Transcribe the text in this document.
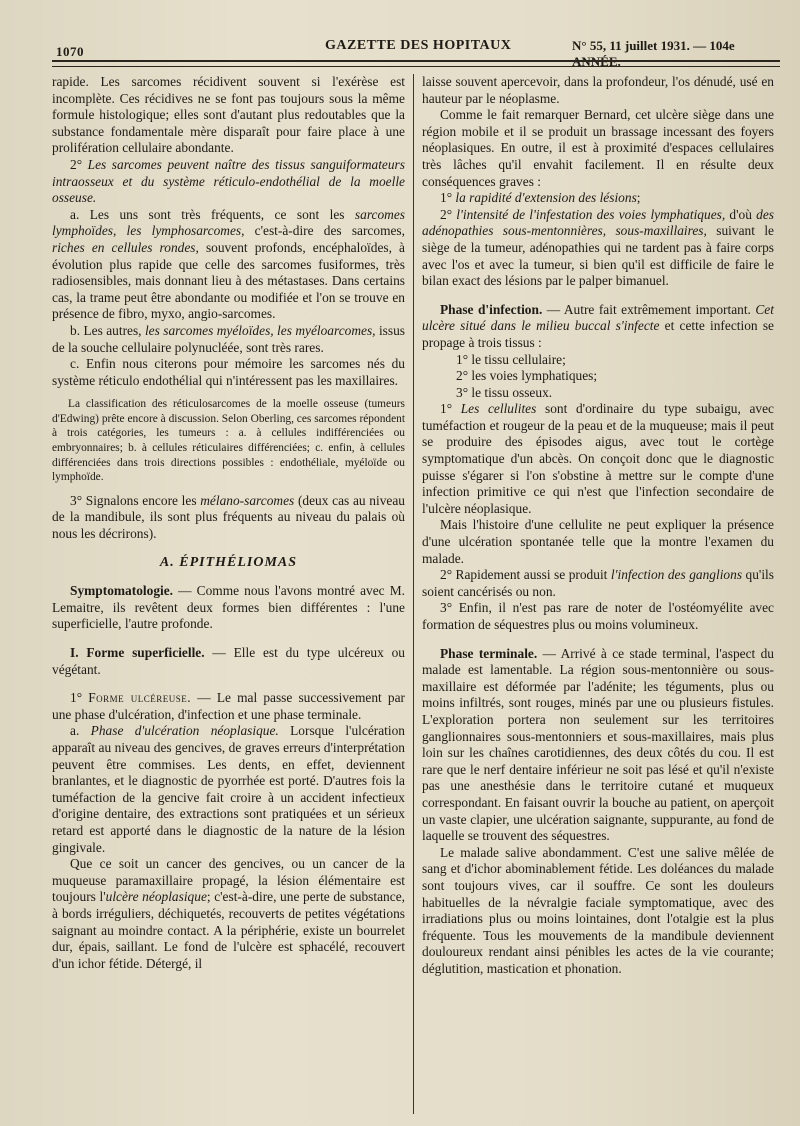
1070	GAZETTE DES HOPITAUX	N° 55, 11 juillet 1931. — 104e ANNÉE.

rapide. Les sarcomes récidivent souvent si l'exérèse est incomplète. Ces récidives ne se font pas toujours sous la même formule histologique; elles sont d'autant plus redoutables que la substance fondamentale mère disparaît pour faire place à une prolifération cellulaire abondante.

2° Les sarcomes peuvent naître des tissus sanguiformateurs intraosseux et du système réticulo-endothélial de la moelle osseuse.

a. Les uns sont très fréquents, ce sont les sarcomes lymphoïdes, les lymphosarcomes, c'est-à-dire des sarcomes, riches en cellules rondes, souvent profonds, encéphaloïdes, à évolution plus rapide que celle des sarcomes fusiformes, très radiosensibles, mais donnant lieu à des métastases. Dans certains cas, la trame peut être abondante ou modifiée et l'on se trouve en présence de fibro, myxo, angio-sarcomes.

b. Les autres, les sarcomes myéloïdes, les myéloarcomes, issus de la souche cellulaire polynucléée, sont très rares.

c. Enfin nous citerons pour mémoire les sarcomes nés du système réticulo endothélial qui n'intéressent pas les maxillaires.

La classification des réticulosarcomes de la moelle osseuse (tumeurs d'Edwing) prête encore à discussion. Selon Oberling, ces sarcomes répondent à trois catégories, les tumeurs : a. à cellules indifférenciées ou embryonnaires; b. à cellules réticulaires différenciées; c. enfin, à cellules différenciées dans trois directions possibles : endothéliale, myéloïde ou lymphoïde.

3° Signalons encore les mélano-sarcomes (deux cas au niveau de la mandibule, ils sont plus fréquents au niveau du palais où nous les décrirons).

A. ÉPITHÉLIOMAS

Symptomatologie. — Comme nous l'avons montré avec M. Lemaitre, ils revêtent deux formes bien différentes : l'une superficielle, l'autre profonde.

I. Forme superficielle. — Elle est du type ulcéreux ou végétant.

1° Forme ulcéreuse. — Le mal passe successivement par une phase d'ulcération, d'infection et une phase terminale.

a. Phase d'ulcération néoplasique. Lorsque l'ulcération apparaît au niveau des gencives, de graves erreurs d'interprétation peuvent être commises. Les dents, en effet, deviennent branlantes, et le diagnostic de pyorrhée est porté. D'autres fois la tuméfaction de la gencive fait croire à un accident infectieux d'origine dentaire, des extractions sont pratiquées et un sérieux retard est apporté dans le diagnostic de la nature de la lésion gingivale.

Que ce soit un cancer des gencives, ou un cancer de la muqueuse paramaxillaire propagé, la lésion élémentaire est toujours l'ulcère néoplasique; c'est-à-dire, une perte de substance, à bords irréguliers, déchiquetés, recouverts de petites végétations saignant au moindre contact. A la périphérie, existe un bourrelet dur, épais, saillant. Le fond de l'ulcère est sphacélé, recouvert d'un ichor fétide. Détergé, il

laisse souvent apercevoir, dans la profondeur, l'os dénudé, usé en hauteur par le néoplasme.

Comme le fait remarquer Bernard, cet ulcère siège dans une région mobile et il se produit un brassage incessant des foyers néoplasiques. En outre, il est à proximité d'espaces cellulaires très lâches qu'il envahit facilement. Il en résulte deux conséquences graves :

1° la rapidité d'extension des lésions;

2° l'intensité de l'infestation des voies lymphatiques, d'où des adénopathies sous-mentonnières, sous-maxillaires, suivant le siège de la tumeur, adénopathies qui ne tardent pas à faire corps avec l'os et avec la tumeur, si bien qu'il est difficile de faire le bilan exact des lésions par le palper bimanuel.

Phase d'infection. — Autre fait extrêmement important. Cet ulcère situé dans le milieu buccal s'infecte et cette infection se propage à trois tissus :

1° le tissu cellulaire;
2° les voies lymphatiques;
3° le tissu osseux.

1° Les cellulites sont d'ordinaire du type subaigu, avec tuméfaction et rougeur de la peau et de la muqueuse; mais il peut se produire des épisodes aigus, avec tout le cortège symptomatique d'un abcès. On conçoit donc que le diagnostic puisse s'égarer si l'on s'obstine à mettre sur le compte d'une infection primitive ce qui n'est que l'infection secondaire de l'ulcère néoplasique.

Mais l'histoire d'une cellulite ne peut expliquer la présence d'une ulcération spontanée telle que la montre l'examen du malade.

2° Rapidement aussi se produit l'infection des ganglions qu'ils soient cancérisés ou non.

3° Enfin, il n'est pas rare de noter de l'ostéomyélite avec formation de séquestres plus ou moins volumineux.

Phase terminale. — Arrivé à ce stade terminal, l'aspect du malade est lamentable. La région sous-mentonnière ou sous-maxillaire est déformée par l'adénite; les téguments, plus ou moins infiltrés, sont rouges, minés par une ou plusieurs fistules. L'exploration portera non seulement sur les territoires ganglionnaires sous-mentonniers et sous-maxillaires, mais plus loin sur les chaînes carotidiennes, des deux côtés du cou. Il est rare que le nerf dentaire inférieur ne soit pas lésé et qu'il n'existe pas une anesthésie dans le territoire cutané et muqueux correspondant. En faisant ouvrir la bouche au patient, on aperçoit un vaste clapier, une ulcération saignante, suppurante, au fond de laquelle se trouvent des séquestres.

Le malade salive abondamment. C'est une salive mêlée de sang et d'ichor abominablement fétide. Les doléances du malade sont toujours vives, car il souffre. Ce sont les douleurs habituelles de la névralgie faciale symptomatique, avec des irradiations plus ou moins lointaines, dont l'otalgie est la plus fréquente. Tous les mouvements de la mandibule deviennent douloureux rendant ainsi pénibles les actes de la vie courante; déglutition, mastication et phonation.
